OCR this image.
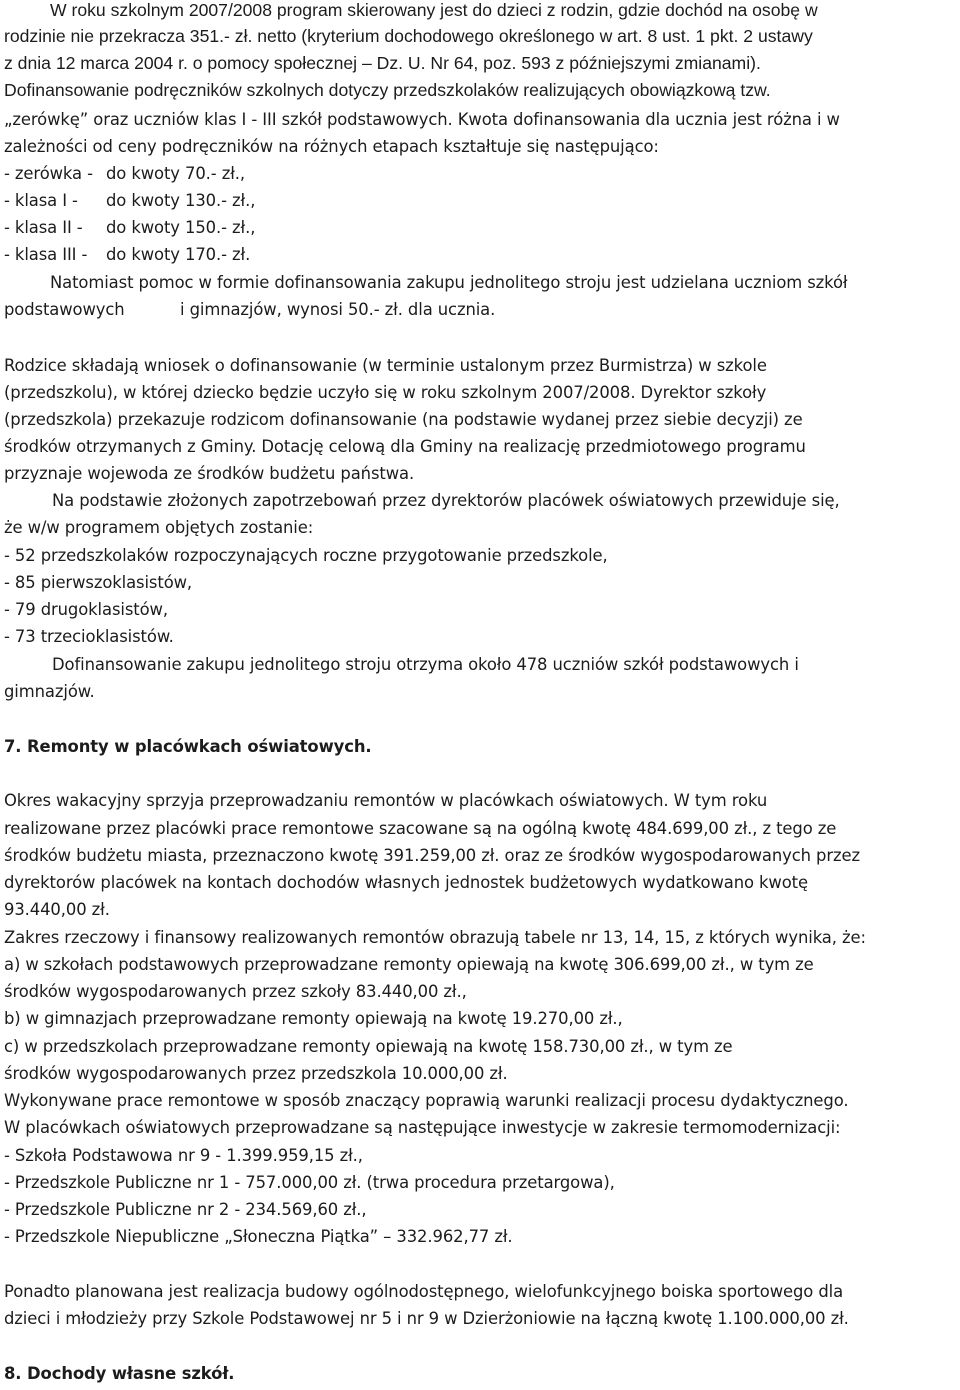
W roku szkolnym 2007/2008 program skierowany jest do dzieci z rodzin, gdzie dochód na osobę w
rodzinie nie przekracza 351.- zł. netto (kryterium dochodowego określonego w art. 8 ust. 1 pkt. 2 ustawy
z dnia 12 marca 2004 r. o pomocy społecznej – Dz. U. Nr 64, poz. 593 z późniejszymi zmianami).
Dofinansowanie podręczników szkolnych dotyczy przedszkolaków realizujących obowiązkową tzw.
„zerówkę” oraz uczniów klas I - III szkół podstawowych. Kwota dofinansowania dla ucznia jest różna i w
zależności od ceny podręczników na różnych etapach kształtuje się następująco:
- zerówka - do kwoty 70.- zł.,
- klasa I - do kwoty 130.- zł.,
- klasa II - do kwoty 150.- zł.,
- klasa III - do kwoty 170.- zł.
Natomiast pomoc w formie dofinansowania zakupu jednolitego stroju jest udzielana uczniom szkół
podstawowych	i gimnazjów, wynosi 50.- zł. dla ucznia.
Rodzice składają wniosek o dofinansowanie (w terminie ustalonym przez Burmistrza) w szkole
(przedszkolu), w której dziecko będzie uczyło się w roku szkolnym 2007/2008. Dyrektor szkoły
(przedszkola) przekazuje rodzicom dofinansowanie (na podstawie wydanej przez siebie decyzji) ze
środków otrzymanych z Gminy. Dotację celową dla Gminy na realizację przedmiotowego programu
przyznaje wojewoda ze środków budżetu państwa.
Na podstawie złożonych zapotrzebowań przez dyrektorów placówek oświatowych przewiduje się,
że w/w programem objętych zostanie:
- 52 przedszkolaków rozpoczynających roczne przygotowanie przedszkole,
- 85 pierwszoklasistów,
- 79 drugoklasistów,
- 73 trzecioklasistów.
Dofinansowanie zakupu jednolitego stroju otrzyma około 478 uczniów szkół podstawowych i
gimnazjów.
7. Remonty w placówkach oświatowych.
Okres wakacyjny sprzyja przeprowadzaniu remontów w placówkach oświatowych. W tym roku
realizowane przez placówki prace remontowe szacowane są na ogólną kwotę 484.699,00 zł., z tego ze
środków budżetu miasta, przeznaczono kwotę 391.259,00 zł. oraz ze środków wygospodarowanych przez
dyrektorów placówek na kontach dochodów własnych jednostek budżetowych wydatkowano kwotę
93.440,00 zł.
Zakres rzeczowy i finansowy realizowanych remontów obrazują tabele nr 13, 14, 15, z których wynika, że:
a) w szkołach podstawowych przeprowadzane remonty opiewają na kwotę 306.699,00 zł., w tym ze
środków wygospodarowanych przez szkoły 83.440,00 zł.,
b) w gimnazjach przeprowadzane remonty opiewają na kwotę 19.270,00 zł.,
c) w przedszkolach przeprowadzane remonty opiewają na kwotę 158.730,00 zł., w tym ze
środków wygospodarowanych przez przedszkola 10.000,00 zł.
Wykonywane prace remontowe w sposób znaczący poprawią warunki realizacji procesu dydaktycznego.
W placówkach oświatowych przeprowadzane są następujące inwestycje w zakresie termomodernizacji:
- Szkoła Podstawowa nr 9 - 1.399.959,15 zł.,
- Przedszkole Publiczne nr 1 - 757.000,00 zł. (trwa procedura przetargowa),
- Przedszkole Publiczne nr 2 - 234.569,60 zł.,
- Przedszkole Niepubliczne „Słoneczna Piątka” – 332.962,77 zł.
Ponadto planowana jest realizacja budowy ogólnodostępnego, wielofunkcyjnego boiska sportowego dla
dzieci i młodzieży przy Szkole Podstawowej nr 5 i nr 9 w Dzierżoniowie na łączną kwotę 1.100.000,00 zł.
8. Dochody własne szkół.
